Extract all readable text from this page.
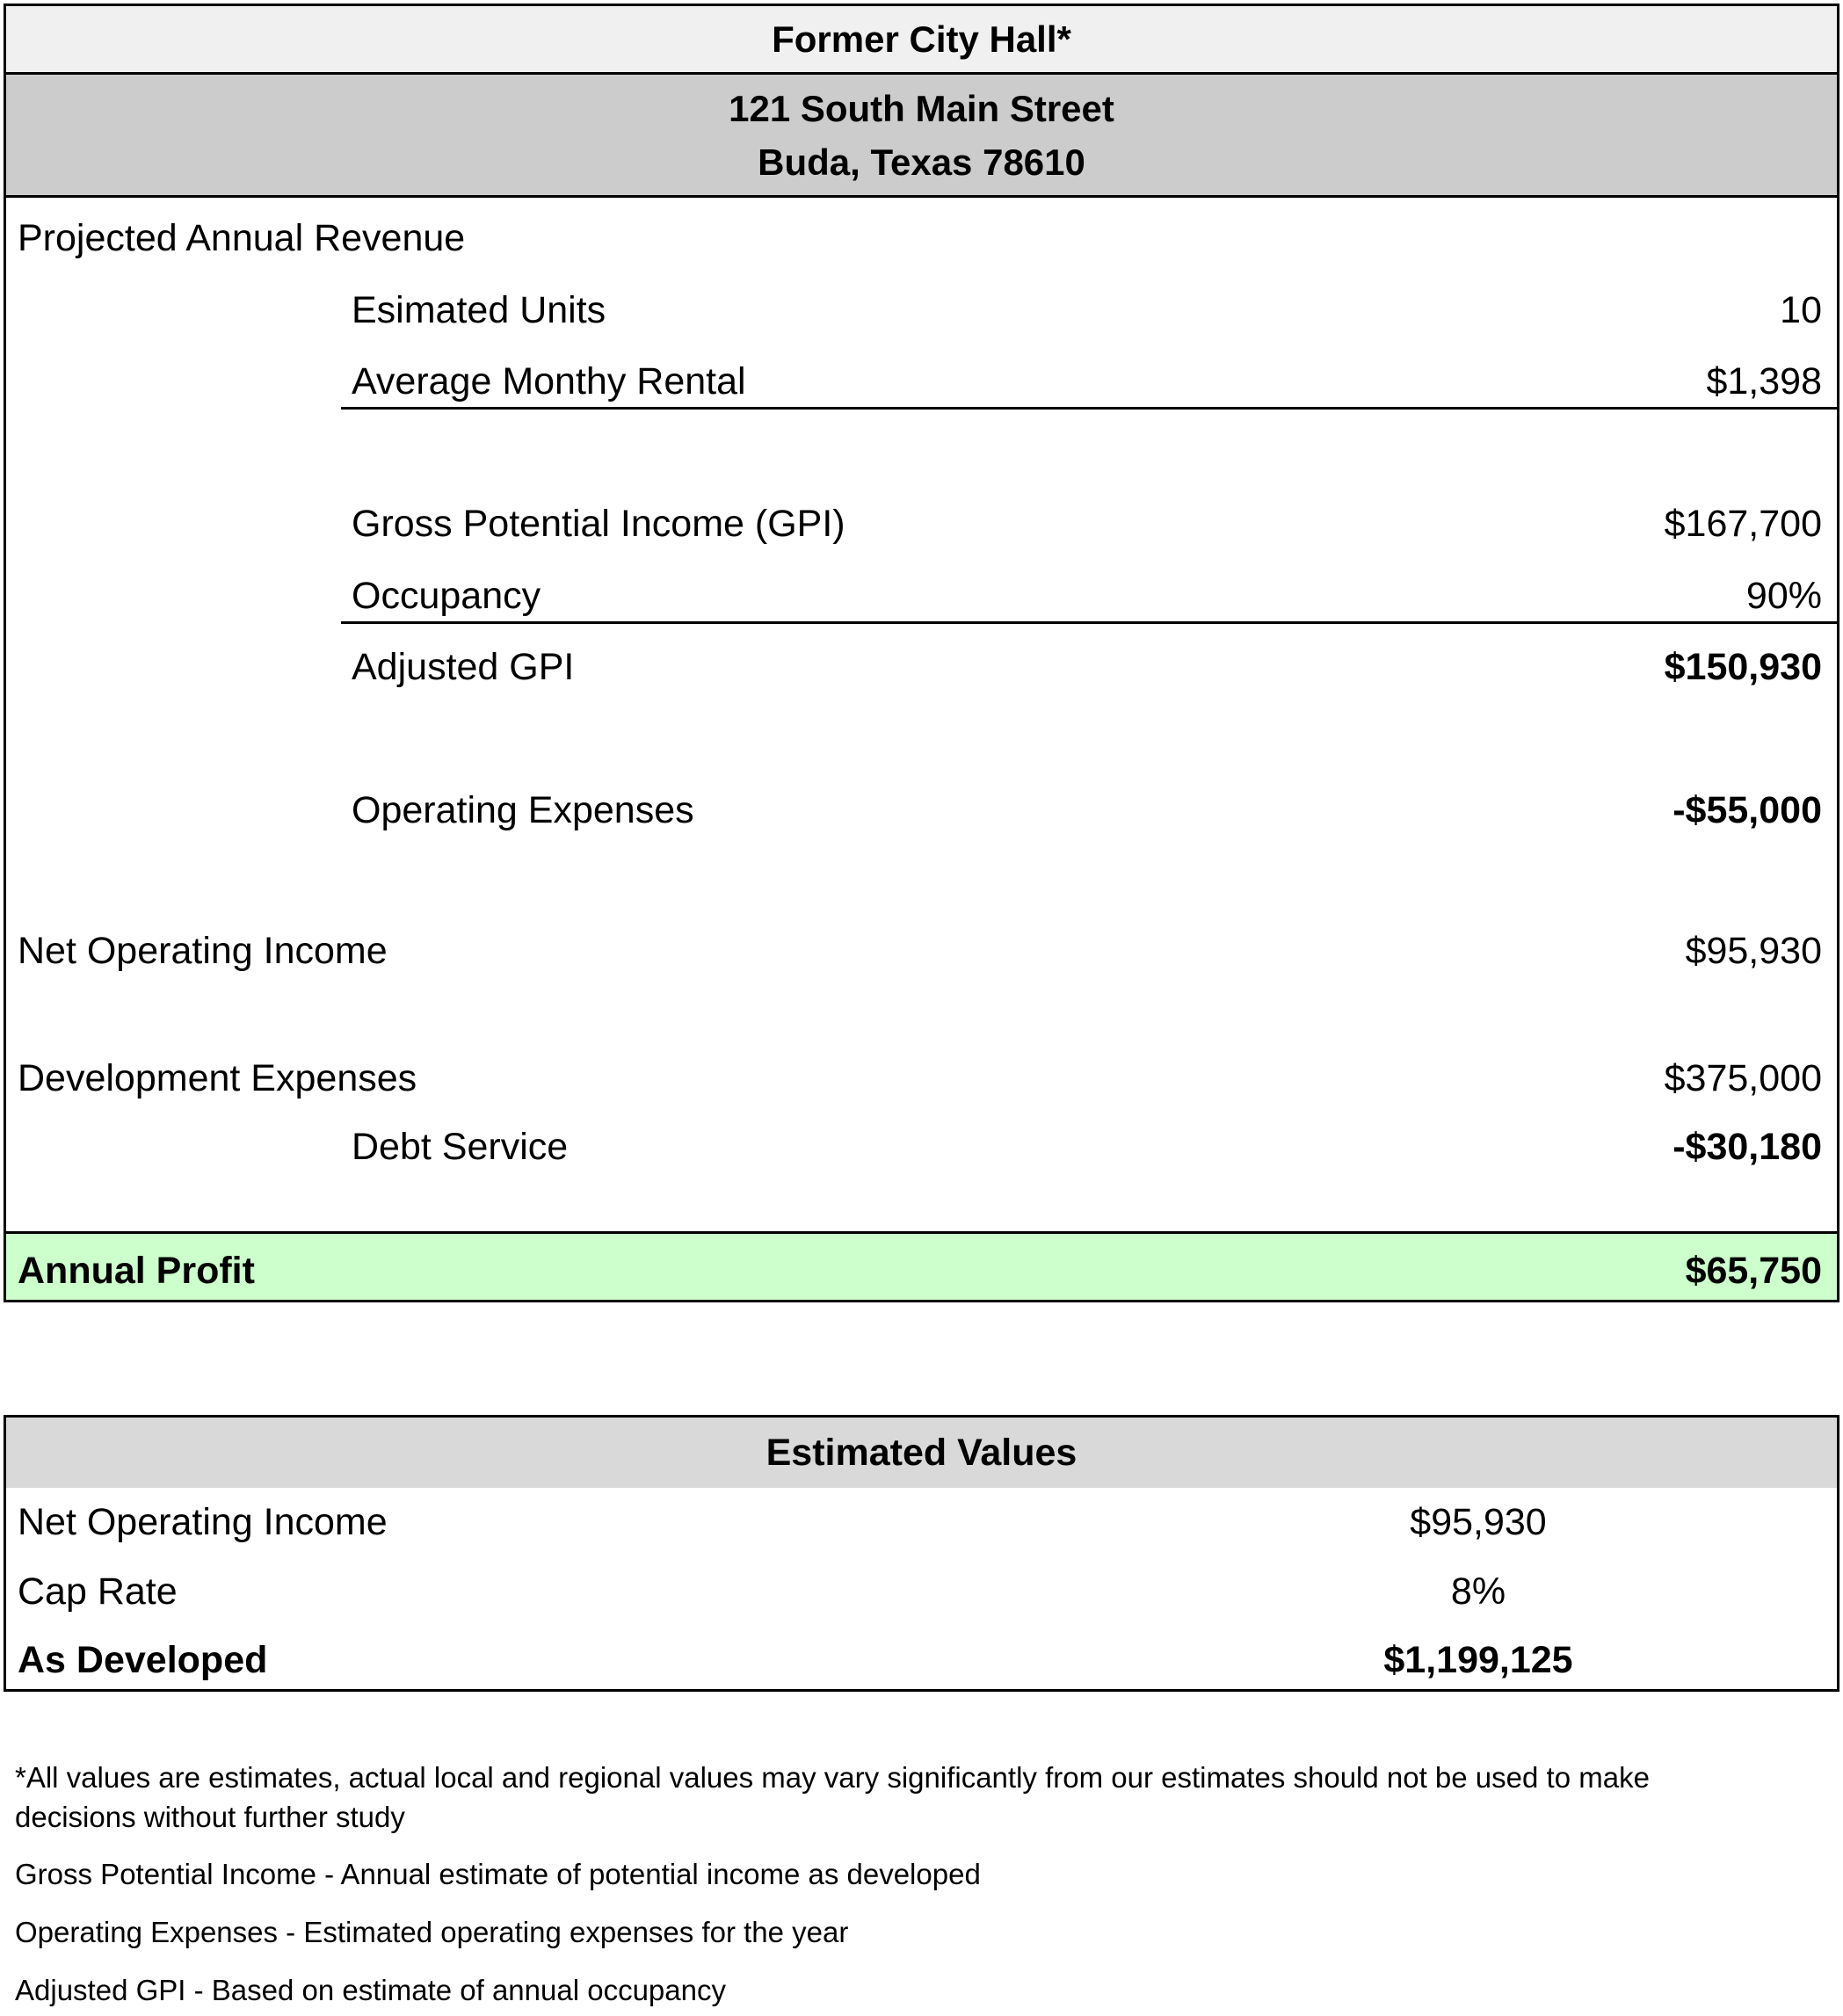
Former City Hall*
121 South Main Street
Buda, Texas 78610
Projected Annual Revenue
Esimated Units	10
Average Monthy Rental	$1,398
Gross Potential Income (GPI)	$167,700
Occupancy	90%
Adjusted GPI	$150,930
Operating Expenses	-$55,000
Net Operating Income	$95,930
Development Expenses	$375,000
Debt Service	-$30,180
Annual Profit	$65,750
Estimated Values
Net Operating Income	$95,930
Cap Rate	8%
As Developed	$1,199,125
*All values are estimates, actual local and regional values may vary significantly from our estimates should not be used to make decisions without further study
Gross Potential Income - Annual estimate of potential income as developed
Operating Expenses - Estimated operating expenses for the year
Adjusted GPI - Based on estimate of annual occupancy
